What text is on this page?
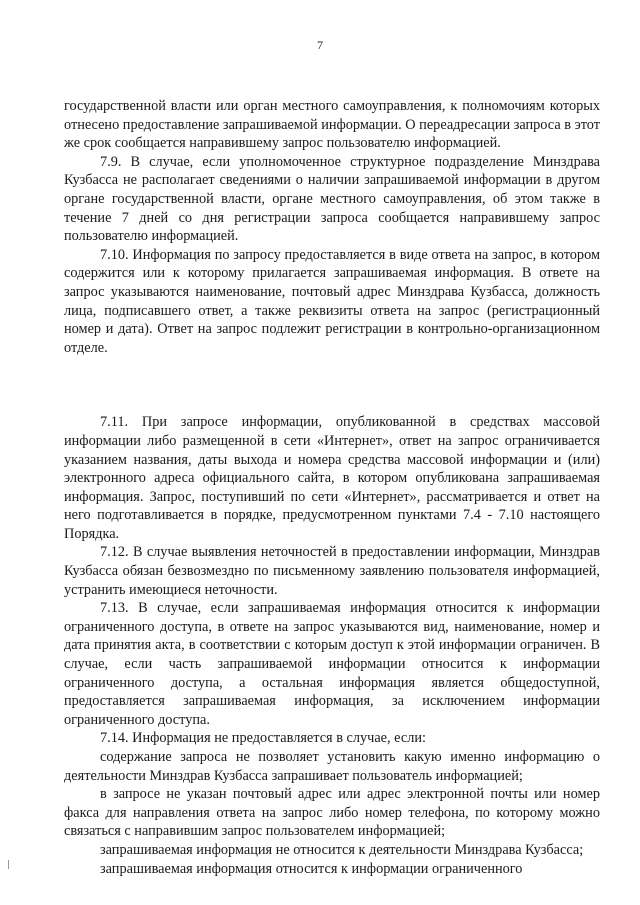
7

государственной власти или орган местного самоуправления, к полномочиям которых отнесено предоставление запрашиваемой информации. О переадресации запроса в этот же срок сообщается направившему запрос пользователю информацией.

7.9. В случае, если уполномоченное структурное подразделение Минздрава Кузбасса не располагает сведениями о наличии запрашиваемой информации в другом органе государственной власти, органе местного самоуправления, об этом также в течение 7 дней со дня регистрации запроса сообщается направившему запрос пользователю информацией.

7.10. Информация по запросу предоставляется в виде ответа на запрос, в котором содержится или к которому прилагается запрашиваемая информация. В ответе на запрос указываются наименование, почтовый адрес Минздрава Кузбасса, должность лица, подписавшего ответ, а также реквизиты ответа на запрос (регистрационный номер и дата). Ответ на запрос подлежит регистрации в контрольно-организационном отделе.

7.11. При запросе информации, опубликованной в средствах массовой информации либо размещенной в сети «Интернет», ответ на запрос ограничивается указанием названия, даты выхода и номера средства массовой информации и (или) электронного адреса официального сайта, в котором опубликована запрашиваемая информация. Запрос, поступивший по сети «Интернет», рассматривается и ответ на него подготавливается в порядке, предусмотренном пунктами 7.4 - 7.10 настоящего Порядка.

7.12. В случае выявления неточностей в предоставлении информации, Минздрав Кузбасса обязан безвозмездно по письменному заявлению пользователя информацией, устранить имеющиеся неточности.

7.13. В случае, если запрашиваемая информация относится к информации ограниченного доступа, в ответе на запрос указываются вид, наименование, номер и дата принятия акта, в соответствии с которым доступ к этой информации ограничен. В случае, если часть запрашиваемой информации относится к информации ограниченного доступа, а остальная информация является общедоступной, предоставляется запрашиваемая информация, за исключением информации ограниченного доступа.

7.14. Информация не предоставляется в случае, если:

содержание запроса не позволяет установить какую именно информацию о деятельности Минздрав Кузбасса запрашивает пользователь информацией;

в запросе не указан почтовый адрес или адрес электронной почты или номер факса для направления ответа на запрос либо номер телефона, по которому можно связаться с направившим запрос пользователем информацией;

запрашиваемая информация не относится к деятельности Минздрава Кузбасса;

запрашиваемая информация относится к информации ограниченного
